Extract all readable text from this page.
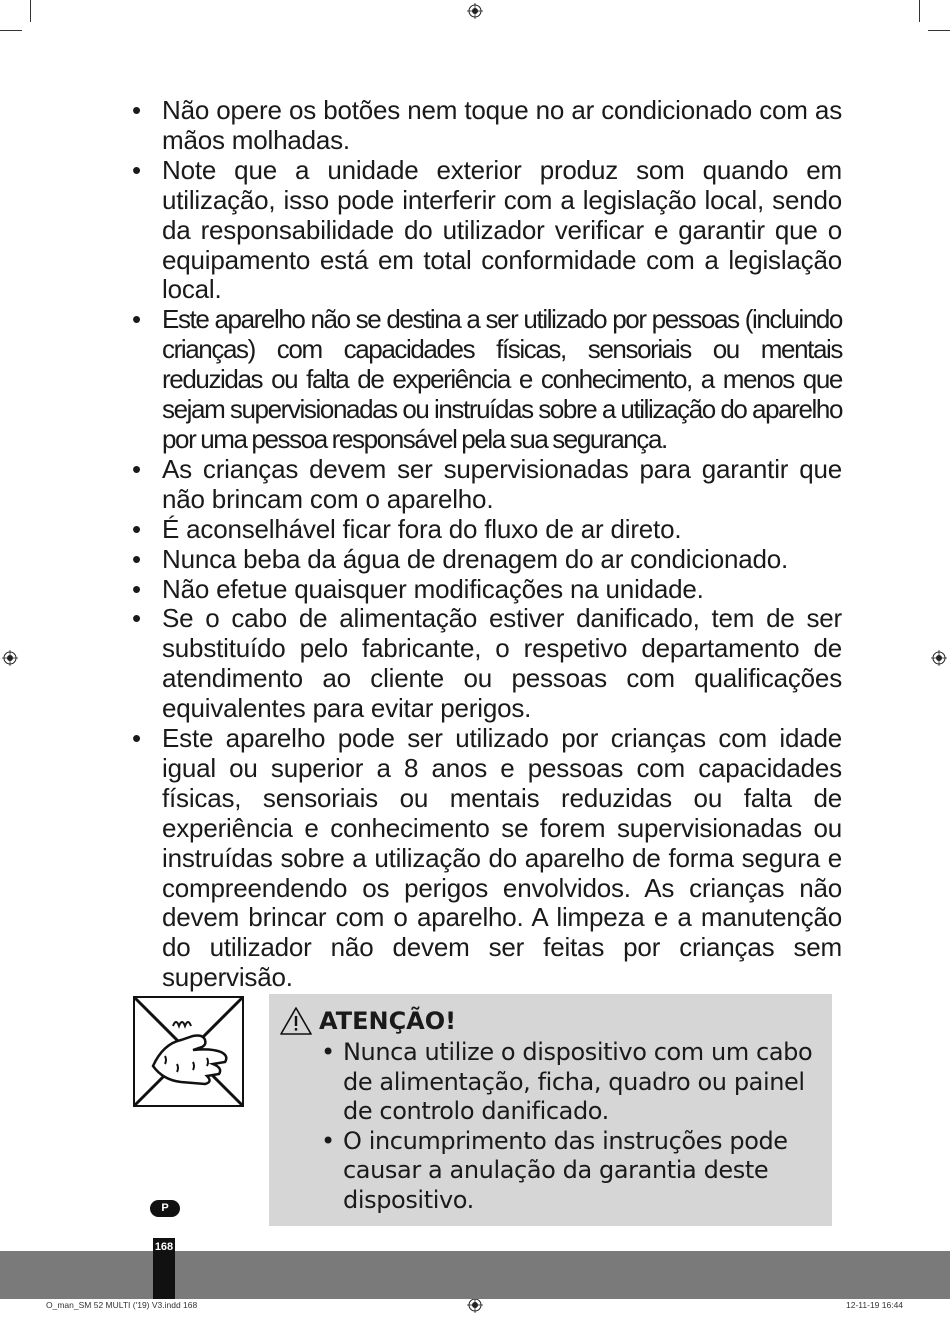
• Não opere os botões nem toque no ar condicionado com as mãos molhadas.
• Note que a unidade exterior produz som quando em utilização, isso pode interferir com a legislação local, sendo da responsabilidade do utilizador verificar e garantir que o equipamento está em total conformidade com a legislação local.
• Este aparelho não se destina a ser utilizado por pessoas (incluindo crianças) com capacidades físicas, sensoriais ou mentais reduzidas ou falta de experiência e conhecimento, a menos que sejam supervisionadas ou instruídas sobre a utilização do aparelho por uma pessoa responsável pela sua segurança.
• As crianças devem ser supervisionadas para garantir que não brincam com o aparelho.
• É aconselhável ficar fora do fluxo de ar direto.
• Nunca beba da água de drenagem do ar condicionado.
• Não efetue quaisquer modificações na unidade.
• Se o cabo de alimentação estiver danificado, tem de ser substituído pelo fabricante, o respetivo departamento de atendimento ao cliente ou pessoas com qualificações equivalentes para evitar perigos.
• Este aparelho pode ser utilizado por crianças com idade igual ou superior a 8 anos e pessoas com capacidades físicas, sensoriais ou mentais reduzidas ou falta de experiência e conhecimento se forem supervisionadas ou instruídas sobre a utilização do aparelho de forma segura e compreendendo os perigos envolvidos. As crianças não devem brincar com o aparelho. A limpeza e a manutenção do utilizador não devem ser feitas por crianças sem supervisão.
ATENÇÃO!
• Nunca utilize o dispositivo com um cabo de alimentação, ficha, quadro ou painel de controlo danificado.
• O incumprimento das instruções pode causar a anulação da garantia deste dispositivo.
P
168
O_man_SM 52 MULTI ('19) V3.indd 168	12-11-19 16:44
